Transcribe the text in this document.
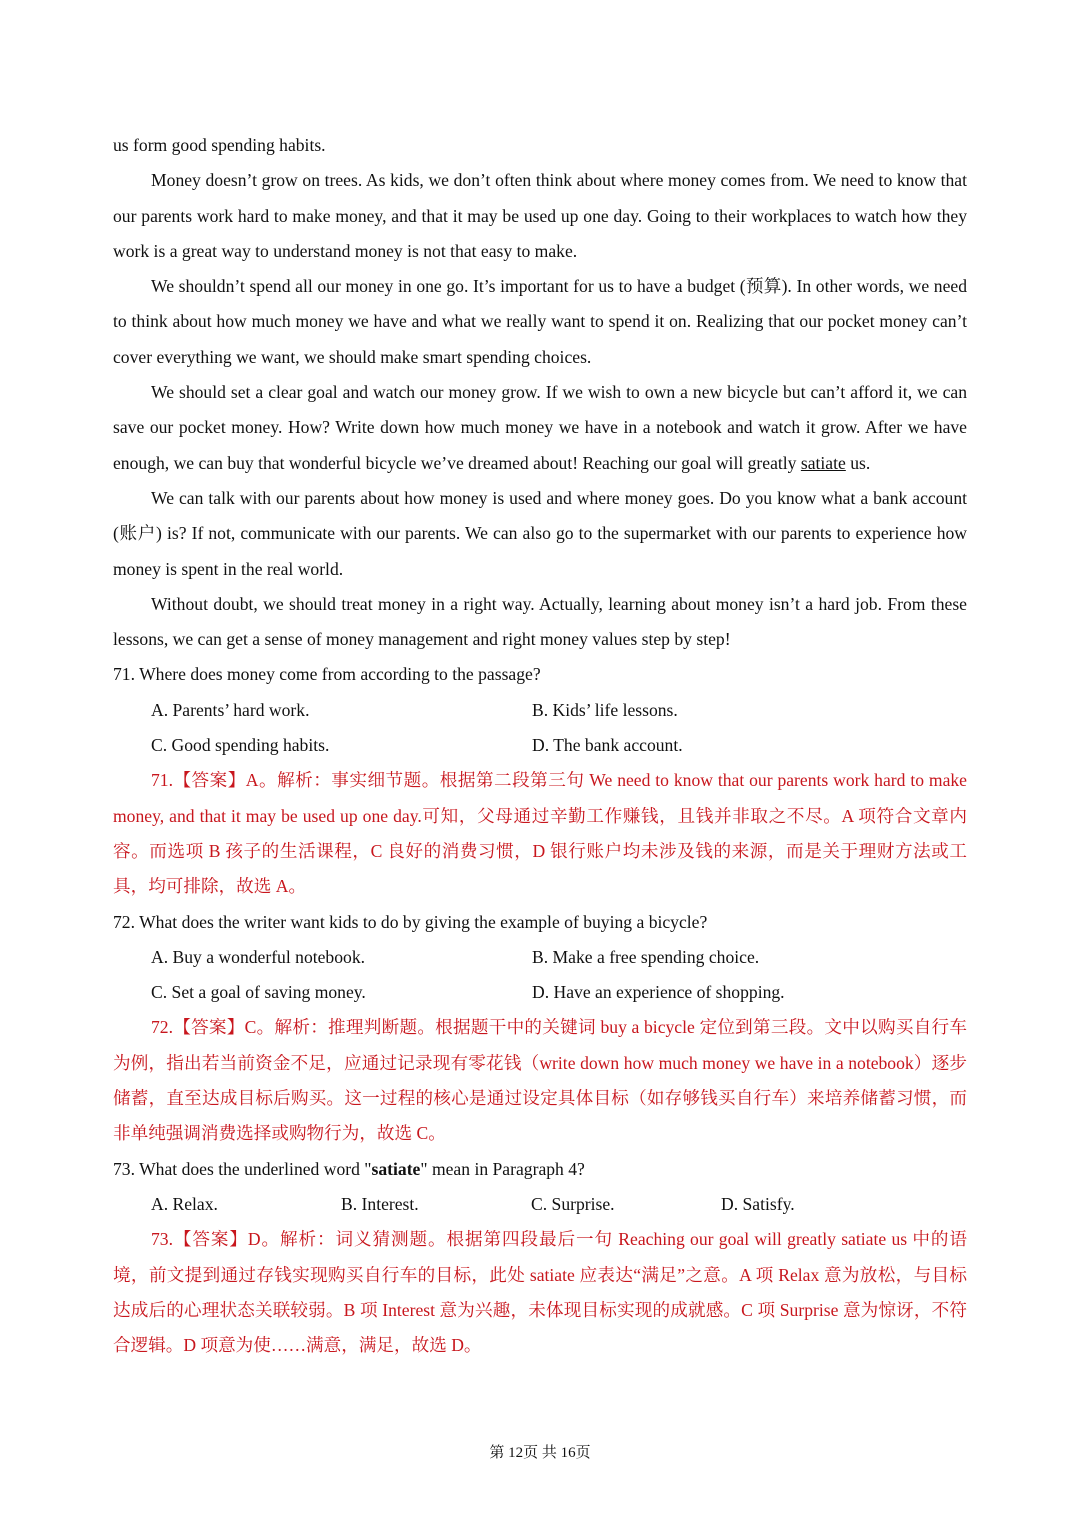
us form good spending habits.

Money doesn’t grow on trees. As kids, we don’t often think about where money comes from. We need to know that our parents work hard to make money, and that it may be used up one day. Going to their workplaces to watch how they work is a great way to understand money is not that easy to make.

We shouldn’t spend all our money in one go. It’s important for us to have a budget (预算). In other words, we need to think about how much money we have and what we really want to spend it on. Realizing that our pocket money can’t cover everything we want, we should make smart spending choices.

We should set a clear goal and watch our money grow. If we wish to own a new bicycle but can’t afford it, we can save our pocket money. How? Write down how much money we have in a notebook and watch it grow. After we have enough, we can buy that wonderful bicycle we’ve dreamed about! Reaching our goal will greatly satiate us.

We can talk with our parents about how money is used and where money goes. Do you know what a bank account (账户) is? If not, communicate with our parents. We can also go to the supermarket with our parents to experience how money is spent in the real world.

Without doubt, we should treat money in a right way. Actually, learning about money isn’t a hard job. From these lessons, we can get a sense of money management and right money values step by step!

71. Where does money come from according to the passage?

A. Parents’ hard work.	B. Kids’ life lessons.
C. Good spending habits.	D. The bank account.

71.【答案】A。解析：事实细节题。根据第二段第三句 We need to know that our parents work hard to make money, and that it may be used up one day.可知，父母通过辛勤工作赚钱，且钱并非取之不尽。A 项符合文章内容。而选项 B 孩子的生活课程，C 良好的消费习惯，D 银行账户均未涉及钱的来源，而是关于理财方法或工具，均可排除，故选 A。

72. What does the writer want kids to do by giving the example of buying a bicycle?

A. Buy a wonderful notebook.	B. Make a free spending choice.
C. Set a goal of saving money.	D. Have an experience of shopping.

72.【答案】C。解析：推理判断题。根据题干中的关键词 buy a bicycle 定位到第三段。文中以购买自行车为例，指出若当前资金不足，应通过记录现有零花钱（write down how much money we have in a notebook）逐步储蓄，直至达成目标后购买。这一过程的核心是通过设定具体目标（如存够钱买自行车）来培养储蓄习惯，而非单纯强调消费选择或购物行为，故选 C。

73. What does the underlined word "satiate" mean in Paragraph 4?

A. Relax.	B. Interest.	C. Surprise.	D. Satisfy.

73.【答案】D。解析：词义猜测题。根据第四段最后一句 Reaching our goal will greatly satiate us 中的语境，前文提到通过存钱实现购买自行车的目标，此处 satiate 应表达“满足”之意。A 项 Relax 意为放松，与目标达成后的心理状态关联较弱。B 项 Interest 意为兴趣，未体现目标实现的成就感。C 项 Surprise 意为惊讶，不符合逻辑。D 项意为使……满意，满足，故选 D。

第 12页 共 16页
